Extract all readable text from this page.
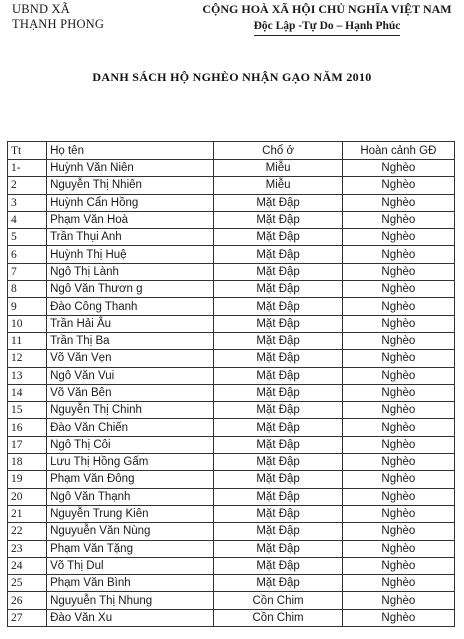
UBND XÃ
THẠNH PHONG
CỘNG HOÀ XÃ HỘI CHỦ NGHĨA VIỆT NAM
Độc Lập -Tự Do – Hạnh Phúc
DANH SÁCH HỘ NGHÈO NHẬN GẠO NĂM 2010
Tt	Họ tên	Chổ ở	Hoàn cảnh GĐ
1-	Huỳnh Văn Niên	Miễu	Nghèo
2	Nguyễn Thị Nhiên	Miễu	Nghèo
3	Huỳnh Cẩn Hồng	Mặt Đập	Nghèo
4	Phạm Văn Hoà	Mặt Đập	Nghèo
5	Trần Thụi Anh	Mặt Đập	Nghèo
6	Huỳnh Thị Huệ	Mặt Đập	Nghèo
7	Ngô Thị Lành	Mặt Đập	Nghèo
8	Ngô Văn Thươn g	Mặt Đập	Nghèo
9	Đào Công Thanh	Mặt Đập	Nghèo
10	Trần Hải Âu	Mặt Đập	Nghèo
11	Trần Thị Ba	Mặt Đập	Nghèo
12	Võ Văn Vẹn	Mặt Đập	Nghèo
13	Ngô Văn Vui	Mặt Đập	Nghèo
14	Võ Văn Bên	Mặt Đập	Nghèo
15	Nguyễn Thị Chinh	Mặt Đập	Nghèo
16	Đào Văn Chiến	Mặt Đập	Nghèo
17	Ngô Thị Côi	Mặt Đập	Nghèo
18	Lưu Thị Hồng Gấm	Mặt Đập	Nghèo
19	Phạm Văn Đông	Mặt Đập	Nghèo
20	Ngô Văn Thạnh	Mặt Đập	Nghèo
21	Nguyễn Trung Kiên	Mặt Đập	Nghèo
22	Nguyuễn Văn Nùng	Mặt Đập	Nghèo
23	Phạm Văn Tặng	Mặt Đập	Nghèo
24	Võ Thị Dul	Mặt Đập	Nghèo
25	Phạm Văn Bình	Mặt Đập	Nghèo
26	Nguyuễn Thị Nhung	Cồn Chim	Nghèo
27	Đào Văn Xu	Cồn Chim	Nghèo
